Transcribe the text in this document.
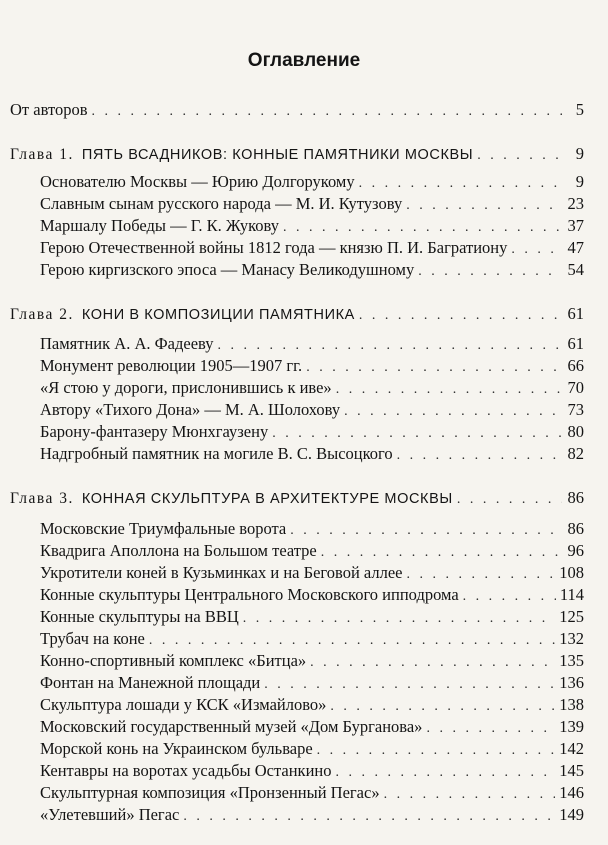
Оглавление
От авторов . . .	5
Глава 1. ПЯТЬ ВСАДНИКОВ: КОННЫЕ ПАМЯТНИКИ МОСКВЫ . . .	9
Основателю Москвы — Юрию Долгорукому . . .	9
Славным сынам русского народа — М. И. Кутузову . . .	23
Маршалу Победы — Г. К. Жукову . . .	37
Герою Отечественной войны 1812 года — князю П. И. Багратиону . . .	47
Герою киргизского эпоса — Манасу Великодушному . . .	54
Глава 2. КОНИ В КОМПОЗИЦИИ ПАМЯТНИКА . . .	61
Памятник А. А. Фадееву . . .	61
Монумент революции 1905—1907 гг. . . .	66
«Я стою у дороги, прислонившись к иве» . . .	70
Автору «Тихого Дона» — М. А. Шолохову . . .	73
Барону-фантазеру Мюнхгаузену . . .	80
Надгробный памятник на могиле В. С. Высоцкого . . .	82
Глава 3. КОННАЯ СКУЛЬПТУРА В АРХИТЕКТУРЕ МОСКВЫ . . .	86
Московские Триумфальные ворота . . .	86
Квадрига Аполлона на Большом театре . . .	96
Укротители коней в Кузьминках и на Беговой аллее . . .	108
Конные скульптуры Центрального Московского ипподрома . . .	114
Конные скульптуры на ВВЦ . . .	125
Трубач на коне . . .	132
Конно-спортивный комплекс «Битца» . . .	135
Фонтан на Манежной площади . . .	136
Скульптура лошади у КСК «Измайлово» . . .	138
Московский государственный музей «Дом Бурганова» . . .	139
Морской конь на Украинском бульваре . . .	142
Кентавры на воротах усадьбы Останкино . . .	145
Скульптурная композиция «Пронзенный Пегас» . . .	146
«Улетевший» Пегас . . .	149
